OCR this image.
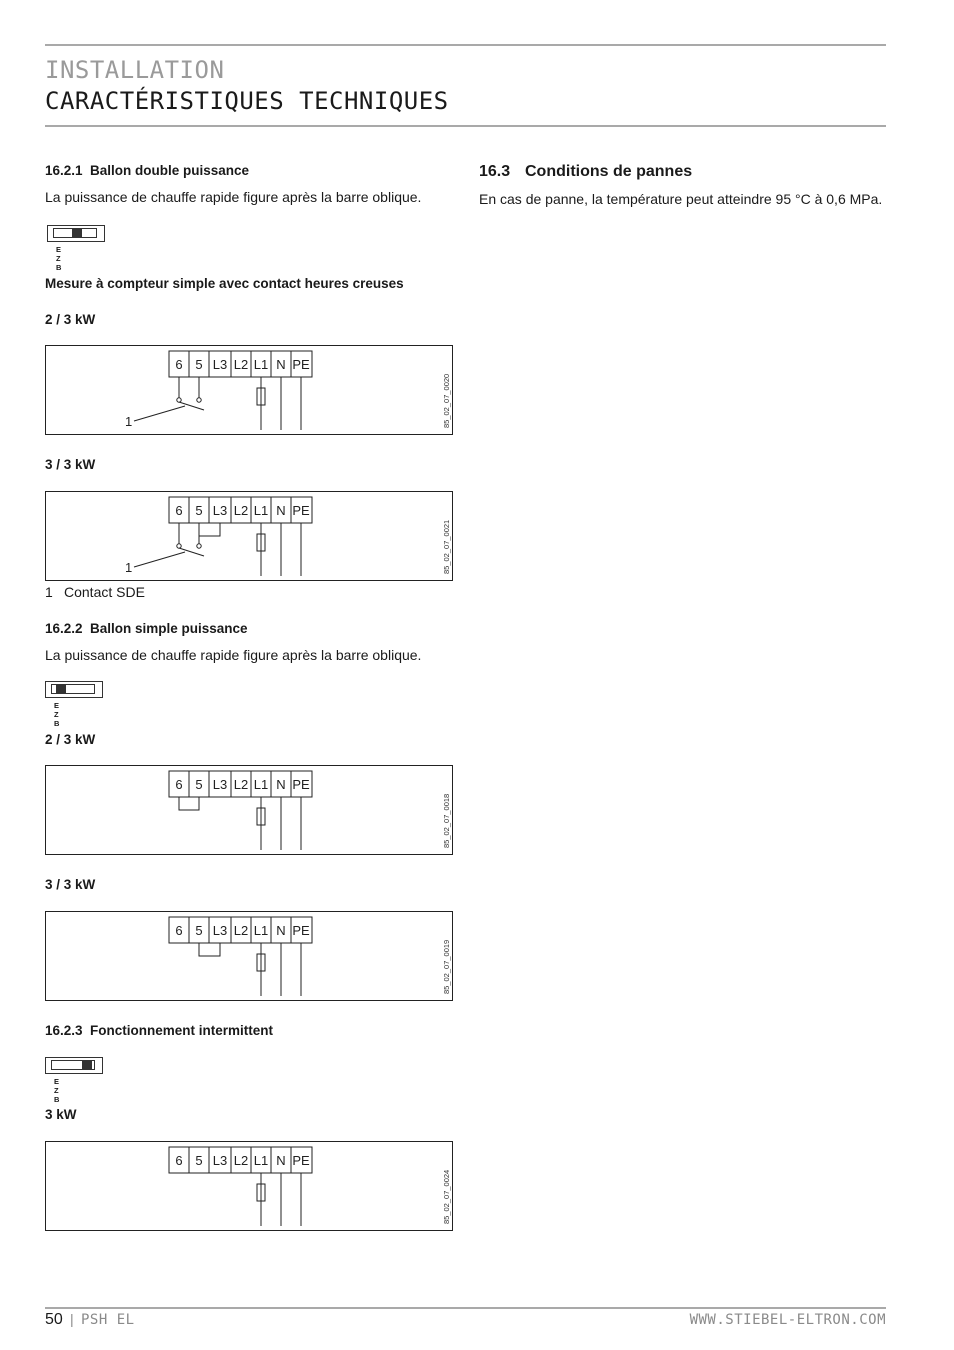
INSTALLATION
CARACTÉRISTIQUES TECHNIQUES
16.2.1 Ballon double puissance
La puissance de chauffe rapide figure après la barre oblique.
EZB
Mesure à compteur simple avec contact heures creuses
2 / 3 kW
6 5 L3 L2 L1 N PE
1	85_02_07_0020
3 / 3 kW
6 5 L3 L2 L1 N PE
1	85_02_07_0021
1 Contact SDE
16.2.2 Ballon simple puissance
La puissance de chauffe rapide figure après la barre oblique.
EZB
2 / 3 kW
6 5 L3 L2 L1 N PE
85_02_07_0018
3 / 3 kW
6 5 L3 L2 L1 N PE
85_02_07_0019
16.2.3 Fonctionnement intermittent
EZB
3 kW
6 5 L3 L2 L1 N PE
85_02_07_0024
16.3 Conditions de pannes
En cas de panne, la température peut atteindre 95 °C à 0,6 MPa.
50 | PSH EL	WWW.STIEBEL-ELTRON.COM
